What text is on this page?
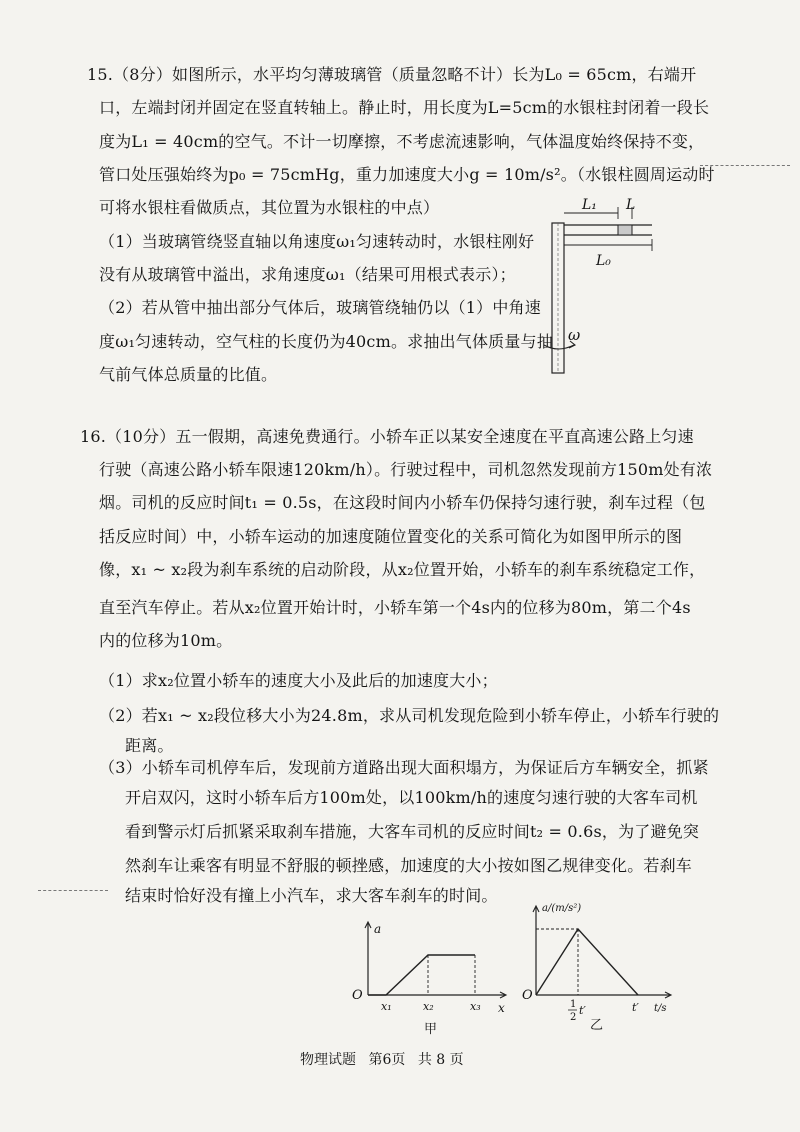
15.（8分）如图所示，水平均匀薄玻璃管（质量忽略不计）长为L₀ = 65cm，右端开
口，左端封闭并固定在竖直转轴上。静止时，用长度为L=5cm的水银柱封闭着一段长
度为L₁ = 40cm的空气。不计一切摩擦，不考虑流速影响，气体温度始终保持不变，
管口处压强始终为p₀ = 75cmHg，重力加速度大小g = 10m/s²。（水银柱圆周运动时
可将水银柱看做质点，其位置为水银柱的中点）
（1）当玻璃管绕竖直轴以角速度ω₁匀速转动时，水银柱刚好
没有从玻璃管中溢出，求角速度ω₁（结果可用根式表示）；
（2）若从管中抽出部分气体后，玻璃管绕轴仍以（1）中角速
度ω₁匀速转动，空气柱的长度仍为40cm。求抽出气体质量与抽
气前气体总质量的比值。
L₁ L
L₀
ω
16.（10分）五一假期，高速免费通行。小轿车正以某安全速度在平直高速公路上匀速
行驶（高速公路小轿车限速120km/h）。行驶过程中，司机忽然发现前方150m处有浓
烟。司机的反应时间t₁ = 0.5s，在这段时间内小轿车仍保持匀速行驶，刹车过程（包
括反应时间）中，小轿车运动的加速度随位置变化的关系可简化为如图甲所示的图
像，x₁ ~ x₂段为刹车系统的启动阶段，从x₂位置开始，小轿车的刹车系统稳定工作，
直至汽车停止。若从x₂位置开始计时，小轿车第一个4s内的位移为80m，第二个4s
内的位移为10m。
（1）求x₂位置小轿车的速度大小及此后的加速度大小；
（2）若x₁ ~ x₂段位移大小为24.8m，求从司机发现危险到小轿车停止，小轿车行驶的
距离。
（3）小轿车司机停车后，发现前方道路出现大面积塌方，为保证后方车辆安全，抓紧
开启双闪，这时小轿车后方100m处，以100km/h的速度匀速行驶的大客车司机
看到警示灯后抓紧采取刹车措施，大客车司机的反应时间t₂ = 0.6s，为了避免突
然刹车让乘客有明显不舒服的顿挫感，加速度的大小按如图乙规律变化。若刹车
结束时恰好没有撞上小汽车，求大客车刹车的时间。
a
x
O
x₁	x₂	x₃
甲
a/(m/s²)
t/s
O
1
2
t′	t′
乙
物理试题 第6页 共 8 页
